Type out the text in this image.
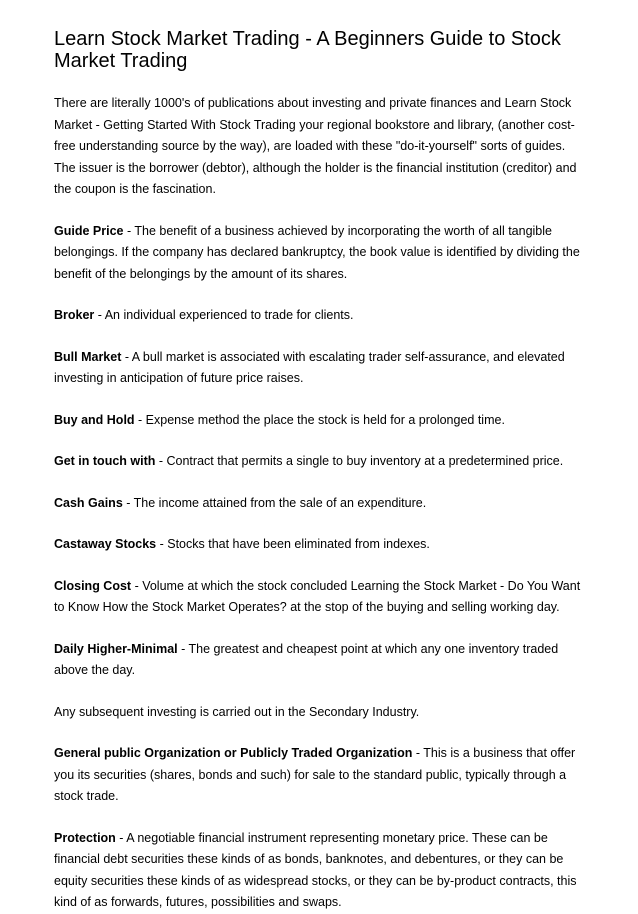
Learn Stock Market Trading - A Beginners Guide to Stock Market Trading

There are literally 1000's of publications about investing and private finances and Learn Stock Market - Getting Started With Stock Trading your regional bookstore and library, (another cost-free understanding source by the way), are loaded with these "do-it-yourself" sorts of guides. The issuer is the borrower (debtor), although the holder is the financial institution (creditor) and the coupon is the fascination.

Guide Price - The benefit of a business achieved by incorporating the worth of all tangible belongings. If the company has declared bankruptcy, the book value is identified by dividing the benefit of the belongings by the amount of its shares.

Broker - An individual experienced to trade for clients.

Bull Market - A bull market is associated with escalating trader self-assurance, and elevated investing in anticipation of future price raises.

Buy and Hold - Expense method the place the stock is held for a prolonged time.

Get in touch with - Contract that permits a single to buy inventory at a predetermined price.

Cash Gains - The income attained from the sale of an expenditure.

Castaway Stocks - Stocks that have been eliminated from indexes.

Closing Cost - Volume at which the stock concluded Learning the Stock Market - Do You Want to Know How the Stock Market Operates? at the stop of the buying and selling working day.

Daily Higher-Minimal - The greatest and cheapest point at which any one inventory traded above the day.

Any subsequent investing is carried out in the Secondary Industry.

General public Organization or Publicly Traded Organization - This is a business that offer you its securities (shares, bonds and such) for sale to the standard public, typically through a stock trade.

Protection - A negotiable financial instrument representing monetary price. These can be financial debt securities these kinds of as bonds, banknotes, and debentures, or they can be equity securities these kinds of as widespread stocks, or they can be by-product contracts, this kind of as forwards, futures, possibilities and swaps.
